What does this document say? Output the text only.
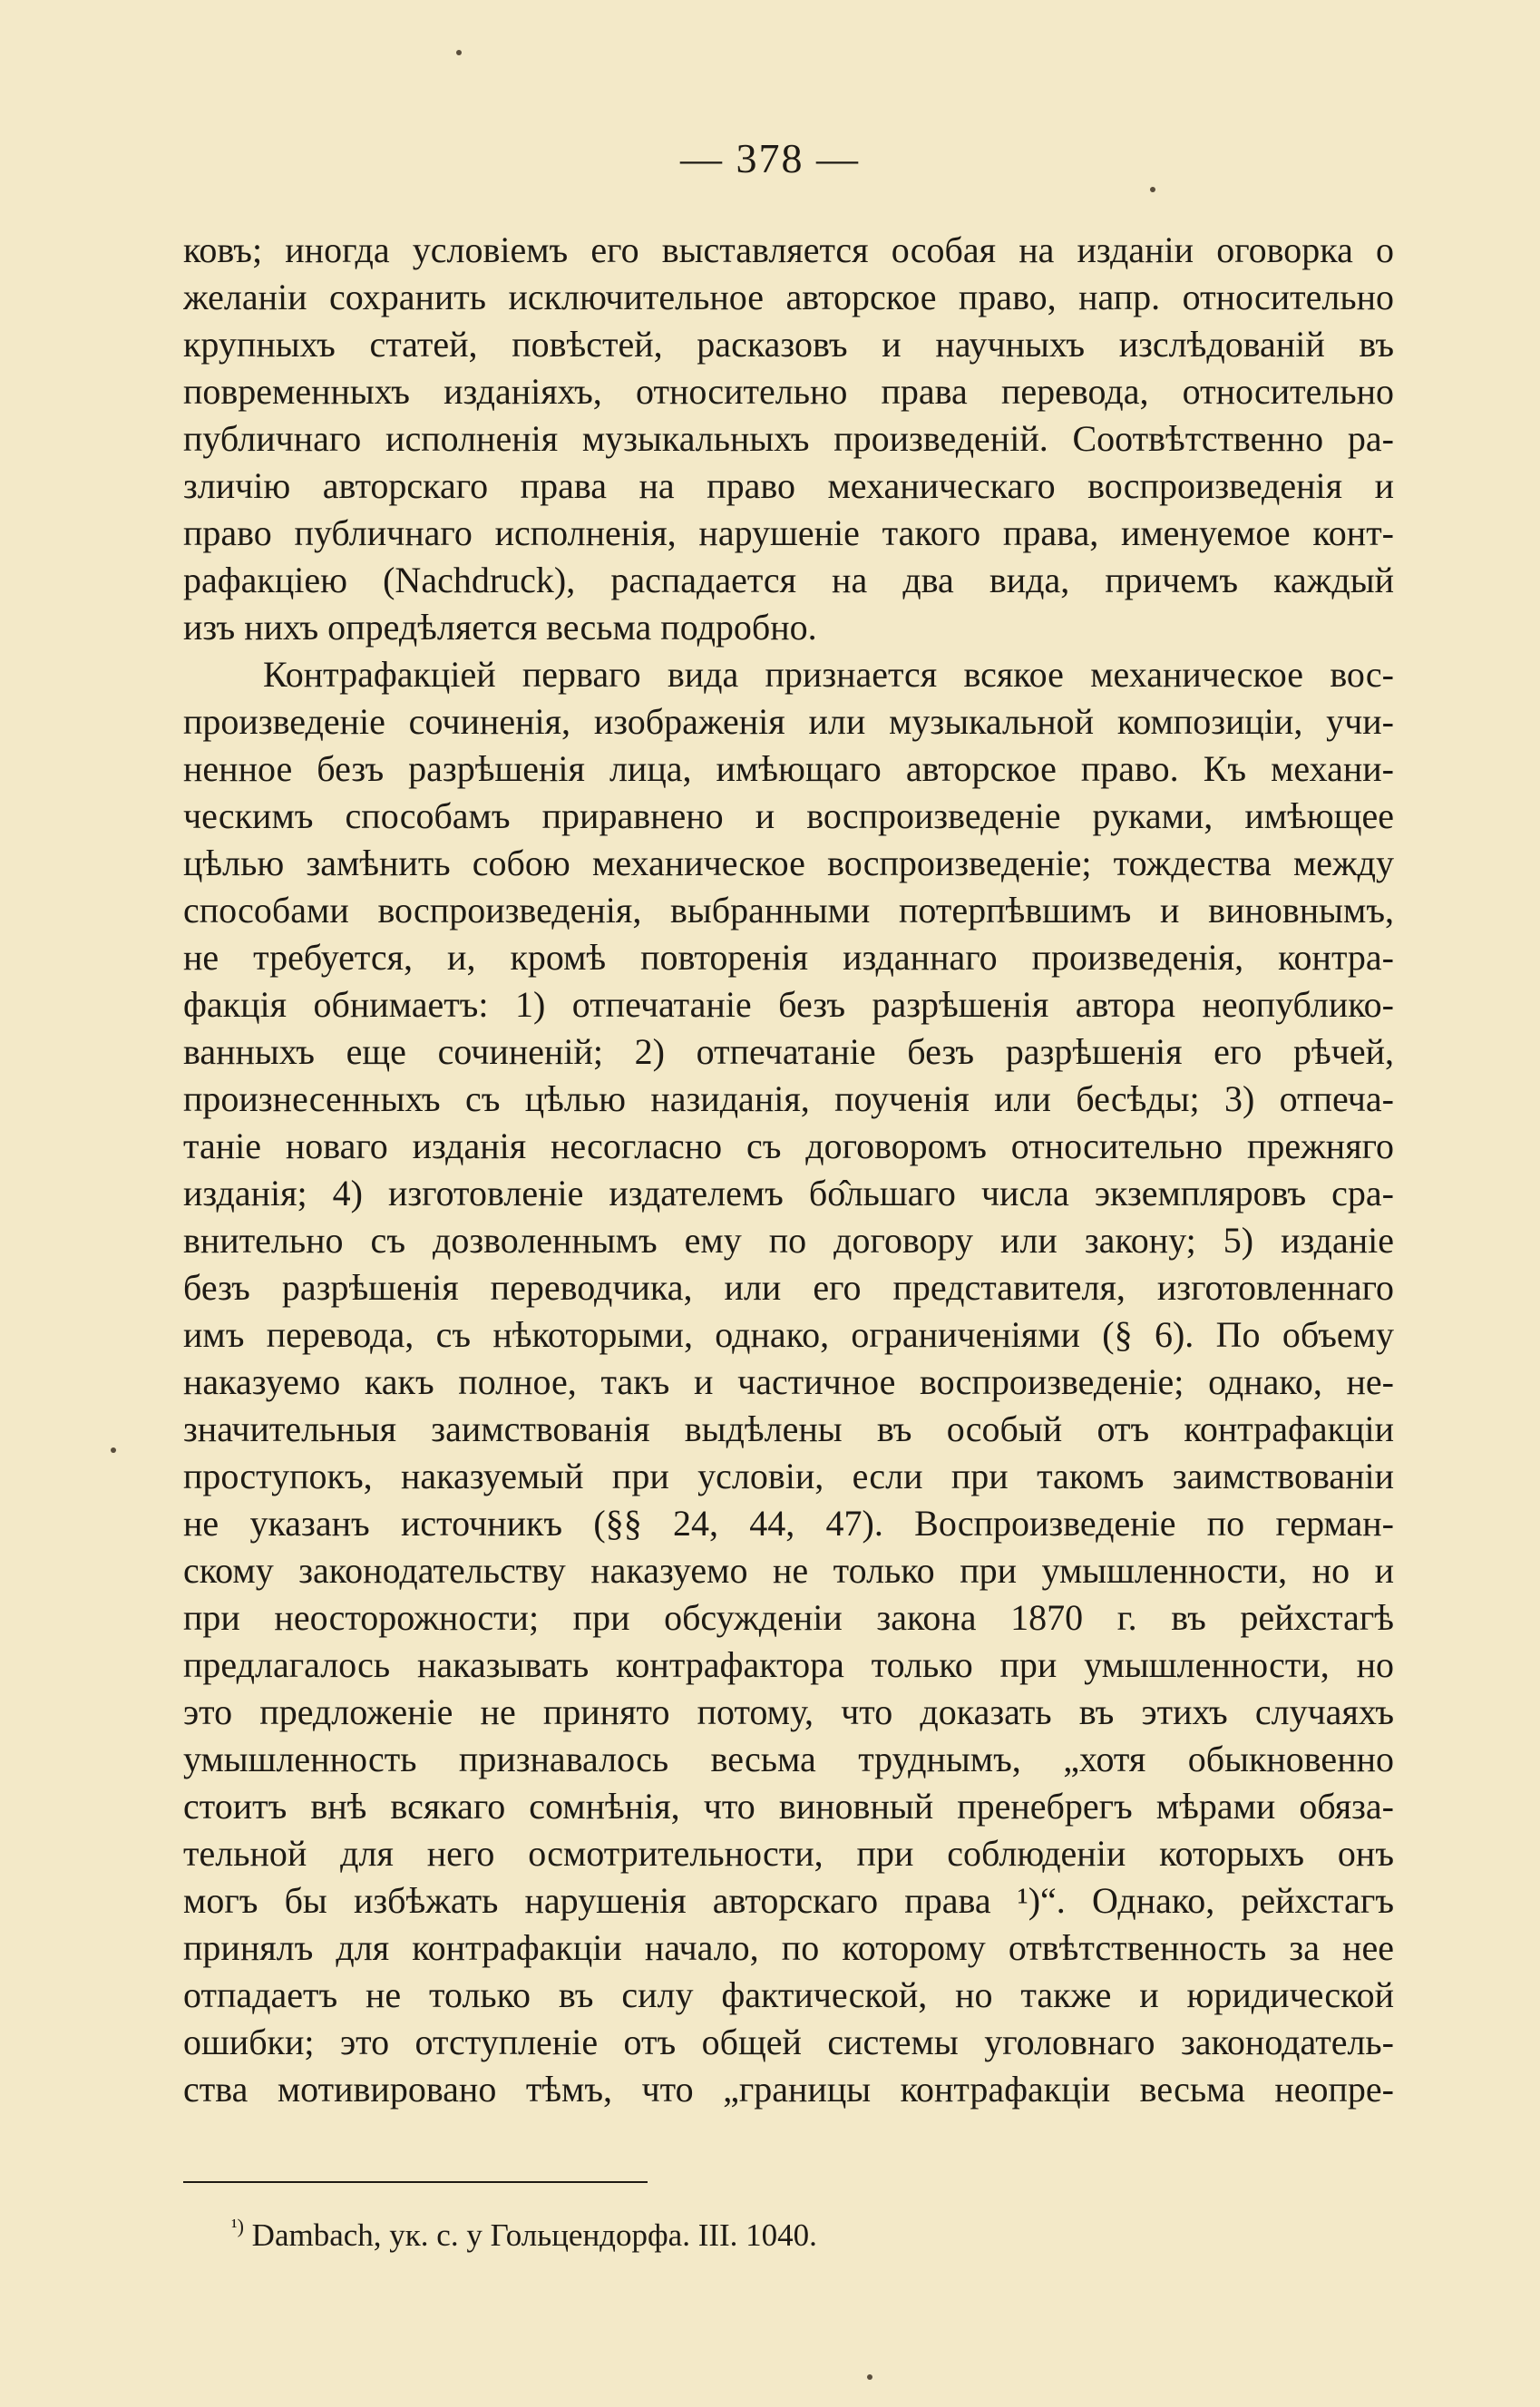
— 378 —
ковъ; иногда условіемъ его выставляется особая на изданіи оговорка о
желаніи сохранить исключительное авторское право, напр. относительно
крупныхъ статей, повѣстей, расказовъ и научныхъ изслѣдованій въ
повременныхъ изданіяхъ, относительно права перевода, относительно
публичнаго исполненія музыкальныхъ произведеній. Соотвѣтственно ра-
зличію авторскаго права на право механическаго воспроизведенія и
право публичнаго исполненія, нарушеніе такого права, именуемое конт-
рафакціею (Nachdruck), распадается на два вида, причемъ каждый
изъ нихъ опредѣляется весьма подробно.
Контрафакціей перваго вида признается всякое механическое вос-
произведеніе сочиненія, изображенія или музыкальной композиціи, учи-
ненное безъ разрѣшенія лица, имѣющаго авторское право. Къ механи-
ческимъ способамъ приравнено и воспроизведеніе руками, имѣющее
цѣлью замѣнить собою механическое воспроизведеніе; тождества между
способами воспроизведенія, выбранными потерпѣвшимъ и виновнымъ,
не требуется, и, кромѣ повторенія изданнаго произведенія, контра-
факція обнимаетъ: 1) отпечатаніе безъ разрѣшенія автора неопублико-
ванныхъ еще сочиненій; 2) отпечатаніе безъ разрѣшенія его рѣчей,
произнесенныхъ съ цѣлью назиданія, поученія или бесѣды; 3) отпеча-
таніе новаго изданія несогласно съ договоромъ относительно прежняго
изданія; 4) изготовленіе издателемъ бо̂льшаго числа экземпляровъ сра-
внительно съ дозволеннымъ ему по договору или закону; 5) изданіе
безъ разрѣшенія переводчика, или его представителя, изготовленнаго
имъ перевода, съ нѣкоторыми, однако, ограниченіями (§ 6). По объему
наказуемо какъ полное, такъ и частичное воспроизведеніе; однако, не-
значительныя заимствованія выдѣлены въ особый отъ контрафакціи
проступокъ, наказуемый при условіи, если при такомъ заимствованіи
не указанъ источникъ (§§ 24, 44, 47). Воспроизведеніе по герман-
скому законодательству наказуемо не только при умышленности, но и
при неосторожности; при обсужденіи закона 1870 г. въ рейхстагѣ
предлагалось наказывать контрафактора только при умышленности, но
это предложеніе не принято потому, что доказать въ этихъ случаяхъ
умышленность признавалось весьма труднымъ, „хотя обыкновенно
стоитъ внѣ всякаго сомнѣнія, что виновный пренебрегъ мѣрами обяза-
тельной для него осмотрительности, при соблюденіи которыхъ онъ
могъ бы избѣжать нарушенія авторскаго права ¹)“. Однако, рейхстагъ
принялъ для контрафакціи начало, по которому отвѣтственность за нее
отпадаетъ не только въ силу фактической, но также и юридической
ошибки; это отступленіе отъ общей системы уголовнаго законодатель-
ства мотивировано тѣмъ, что „границы контрафакціи весьма неопре-
$^{^1)}$ Dambach, ук. с. у Гольцендорфа. III. 1040.
